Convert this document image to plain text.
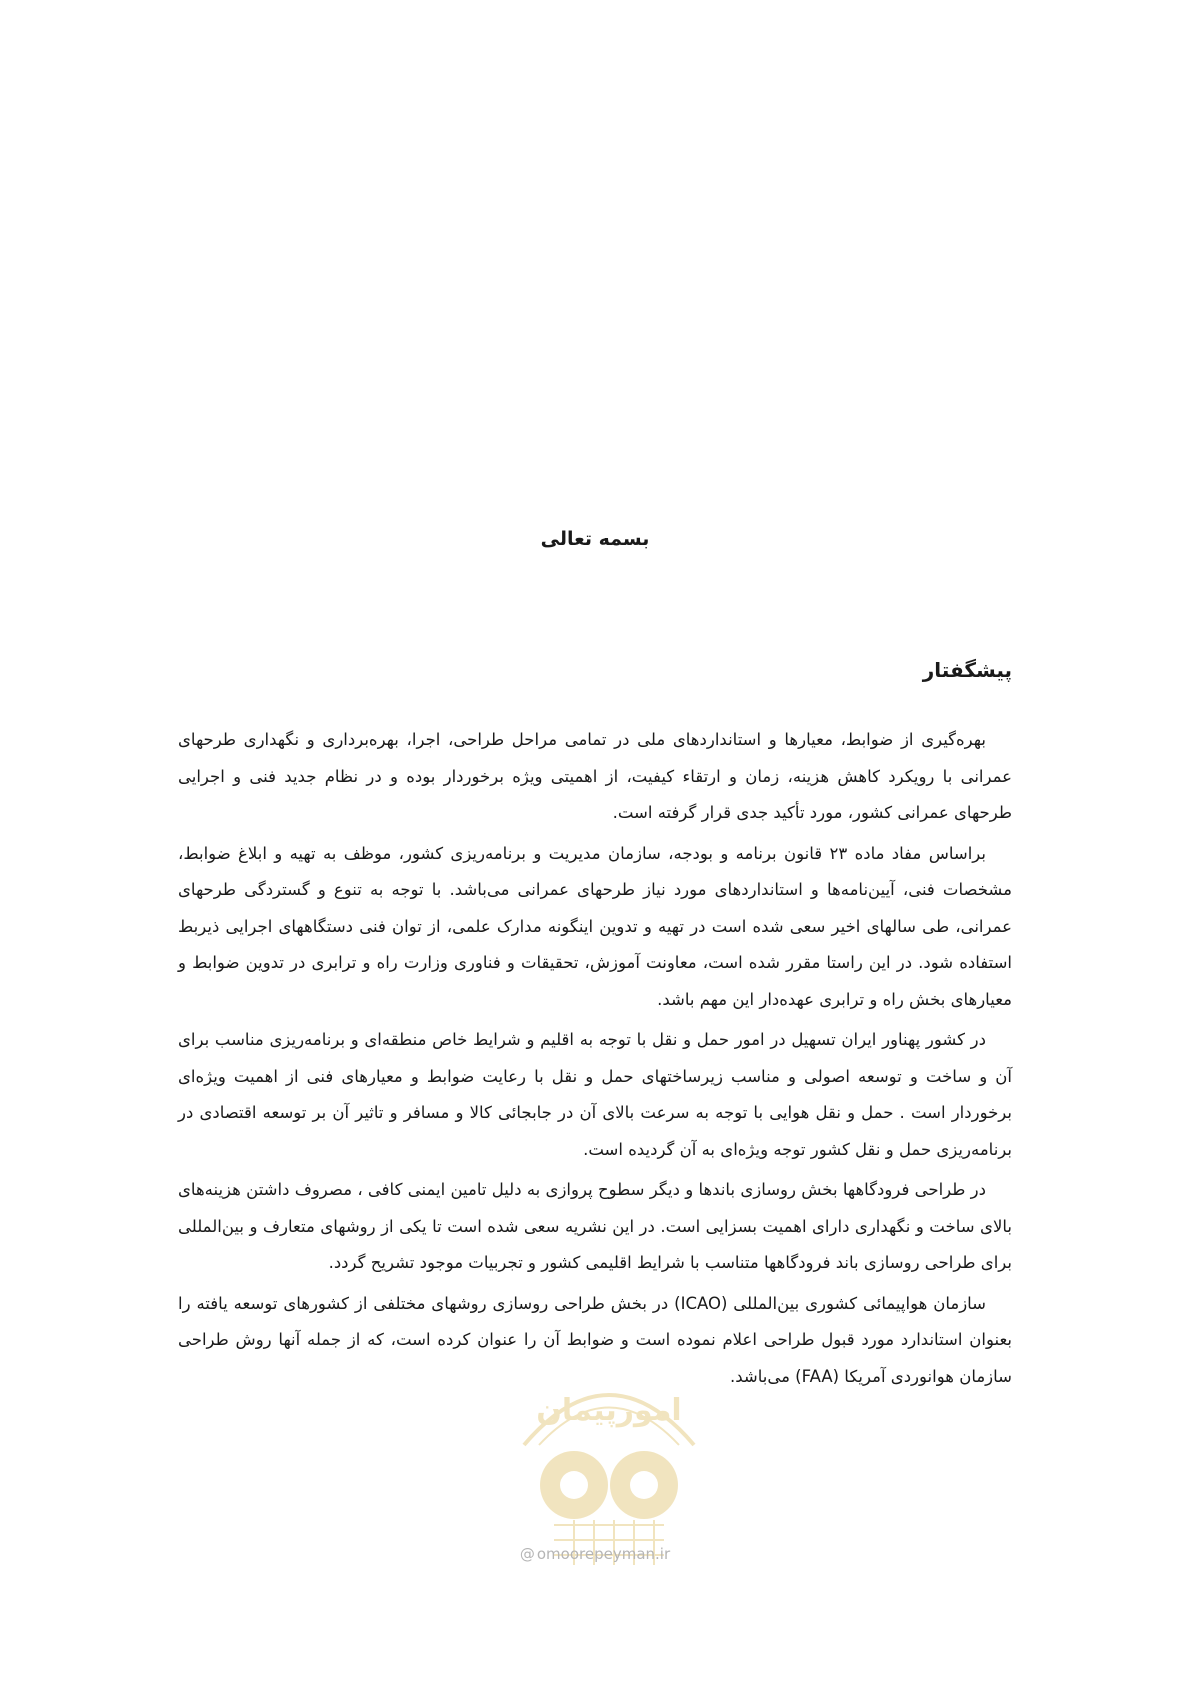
بسمه تعالی
پیشگفتار

بهره‌گیری از ضوابط، معیارها و استانداردهای ملی در تمامی مراحل طراحی، اجرا، بهره‌برداری و نگهداری طرحهای عمرانی با رویکرد کاهش هزینه، زمان و ارتقاء کیفیت، از اهمیتی ویژه برخوردار بوده و در نظام جدید فنی و اجرایی طرحهای عمرانی کشور، مورد تأکید جدی قرار گرفته است.

براساس مفاد ماده ۲۳ قانون برنامه و بودجه، سازمان مدیریت و برنامه‌ریزی کشور، موظف به تهیه و ابلاغ ضوابط، مشخصات فنی، آیین‌نامه‌ها و استانداردهای مورد نیاز طرحهای عمرانی می‌باشد. با توجه به تنوع و گستردگی طرحهای عمرانی، طی سالهای اخیر سعی شده است در تهیه و تدوین اینگونه مدارک علمی، از توان فنی دستگاههای اجرایی ذیربط استفاده شود. در این راستا مقرر شده است، معاونت آموزش، تحقیقات و فناوری وزارت راه و ترابری در تدوین ضوابط و معیارهای بخش راه و ترابری عهده‌دار این مهم باشد.

در کشور پهناور ایران تسهیل در امور حمل و نقل با توجه به اقلیم و شرایط خاص منطقه‌ای و برنامه‌ریزی مناسب برای آن و ساخت و توسعه اصولی و مناسب زیرساختهای حمل و نقل با رعایت ضوابط و معیارهای فنی از اهمیت ویژه‌ای برخوردار است . حمل و نقل هوایی با توجه به سرعت بالای آن در جابجائی کالا و مسافر و تاثیر آن بر توسعه اقتصادی در برنامه‌ریزی حمل و نقل کشور توجه ویژه‌ای به آن گردیده است.

در طراحی فرودگاهها بخش روسازی باندها و دیگر سطوح پروازی به دلیل تامین ایمنی کافی ، مصروف داشتن هزینه‌های بالای ساخت و نگهداری دارای اهمیت بسزایی است. در این نشریه سعی شده است تا یکی از روشهای متعارف و بین‌المللی برای طراحی روسازی باند فرودگاهها متناسب با شرایط اقلیمی کشور و تجربیات موجود تشریح گردد.

سازمان هواپیمائی کشوری بین‌المللی (ICAO) در بخش طراحی روسازی روشهای مختلفی از کشورهای توسعه یافته را بعنوان استاندارد مورد قبول طراحی اعلام نموده است و ضوابط آن را عنوان کرده است، که از جمله آنها روش طراحی سازمان هوانوردی آمریکا (FAA) می‌باشد.

امورپیمان

@ omoorepeyman.ir
